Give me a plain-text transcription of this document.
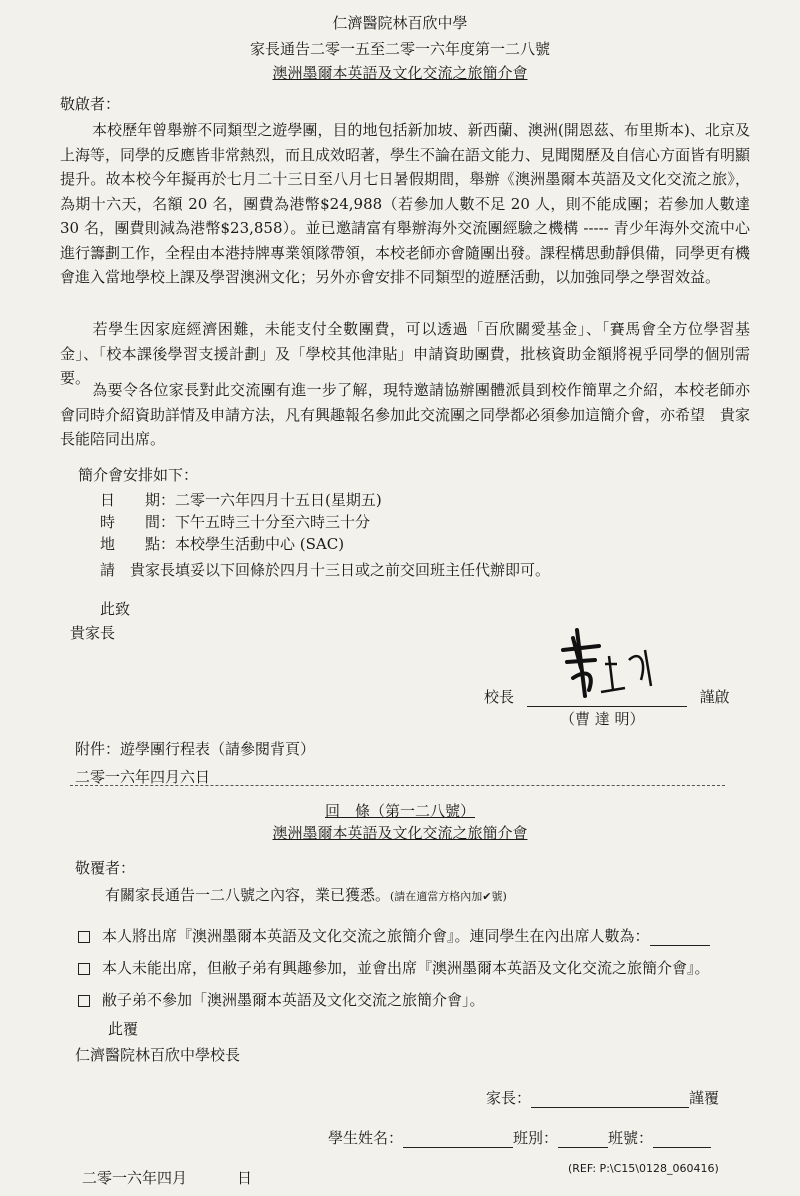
仁濟醫院林百欣中學
家長通告二零一五至二零一六年度第一二八號
澳洲墨爾本英語及文化交流之旅簡介會
敬啟者：
本校歷年曾舉辦不同類型之遊學團，目的地包括新加坡、新西蘭、澳洲(開恩茲、布里斯本)、北京及上海等，同學的反應皆非常熱烈，而且成效昭著，學生不論在語文能力、見聞閱歷及自信心方面皆有明顯提升。故本校今年擬再於七月二十三日至八月七日暑假期間，舉辦《澳洲墨爾本英語及文化交流之旅》，為期十六天，名額 20 名，團費為港幣$24,988（若參加人數不足 20 人，則不能成團；若參加人數達 30 名，團費則減為港幣$23,858）。並已邀請富有舉辦海外交流團經驗之機構 ----- 青少年海外交流中心進行籌劃工作，全程由本港持牌專業領隊帶領，本校老師亦會隨團出發。課程構思動靜俱備，同學更有機會進入當地學校上課及學習澳洲文化；另外亦會安排不同類型的遊歷活動，以加強同學之學習效益。
若學生因家庭經濟困難，未能支付全數團費，可以透過「百欣關愛基金」、「賽馬會全方位學習基金」、「校本課後學習支援計劃」及「學校其他津貼」申請資助團費，批核資助金額將視乎同學的個別需要。
為要令各位家長對此交流團有進一步了解，現特邀請協辦團體派員到校作簡單之介紹，本校老師亦會同時介紹資助詳情及申請方法，凡有興趣報名參加此交流團之同學都必須參加這簡介會，亦希望　貴家長能陪同出席。
簡介會安排如下：
日　　期：二零一六年四月十五日(星期五)
時　　間：下午五時三十分至六時三十分
地　　點：本校學生活動中心 (SAC)
請　貴家長填妥以下回條於四月十三日或之前交回班主任代辦即可。
此致
貴家長
校長	謹啟
（曹 達 明）
附件：遊學團行程表（請參閱背頁）
二零一六年四月六日
回　條（第一二八號）
澳洲墨爾本英語及文化交流之旅簡介會
敬覆者：
有關家長通告一二八號之內容，業已獲悉。(請在適當方格內加✔號)
本人將出席『澳洲墨爾本英語及文化交流之旅簡介會』。連同學生在內出席人數為：
本人未能出席，但敝子弟有興趣參加，並會出席『澳洲墨爾本英語及文化交流之旅簡介會』。
敝子弟不參加「澳洲墨爾本英語及文化交流之旅簡介會」。
此覆
仁濟醫院林百欣中學校長
家長：	謹覆
學生姓名：	班別：	班號：
二零一六年四月	日
(REF: P:\C15\0128_060416)
